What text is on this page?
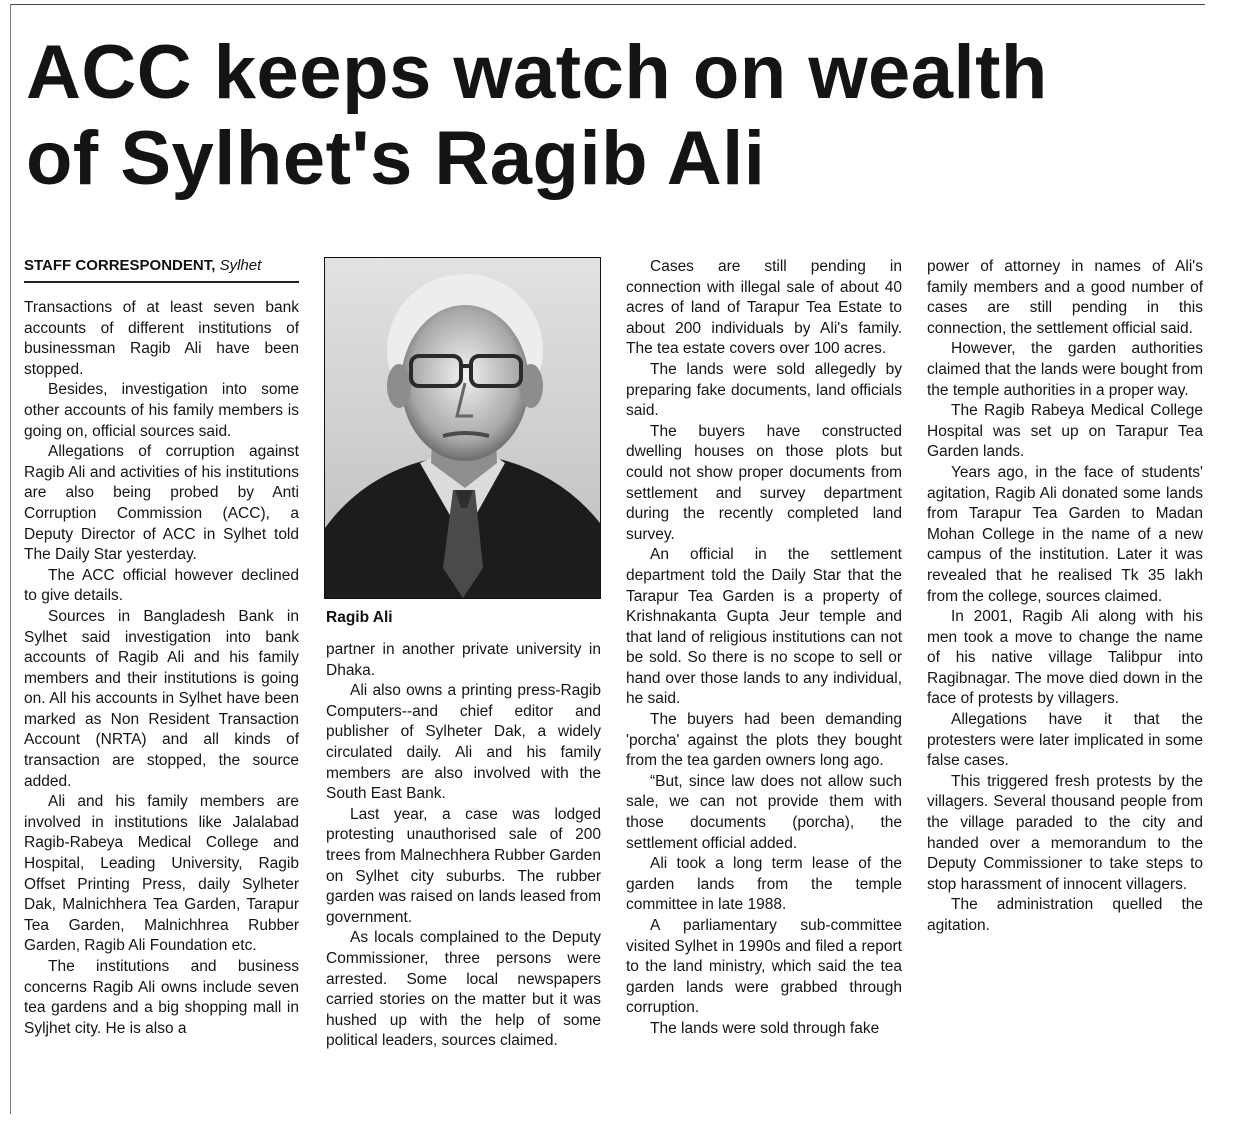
ACC keeps watch on wealth
of Sylhet's Ragib Ali
STAFF CORRESPONDENT, Sylhet
Ragib Ali

Transactions of at least seven bank accounts of different institutions of businessman Ragib Ali have been stopped.

Besides, investigation into some other accounts of his family members is going on, official sources said.

Allegations of corruption against Ragib Ali and activities of his institutions are also being probed by Anti Corruption Commission (ACC), a Deputy Director of ACC in Sylhet told The Daily Star yesterday.

The ACC official however declined to give details.

Sources in Bangladesh Bank in Sylhet said investigation into bank accounts of Ragib Ali and his family members and their institutions is going on. All his accounts in Sylhet have been marked as Non Resident Transaction Account (NRTA) and all kinds of transaction are stopped, the source added.

Ali and his family members are involved in institutions like Jalalabad Ragib-Rabeya Medical College and Hospital, Leading University, Ragib Offset Printing Press, daily Sylheter Dak, Malnichhera Tea Garden, Tarapur Tea Garden, Malnichhrea Rubber Garden, Ragib Ali Foundation etc.

The institutions and business concerns Ragib Ali owns include seven tea gardens and a big shopping mall in Syljhet city. He is also a

partner in another private university in Dhaka.

Ali also owns a printing press-Ragib Computers--and chief editor and publisher of Sylheter Dak, a widely circulated daily. Ali and his family members are also involved with the South East Bank.

Last year, a case was lodged protesting unauthorised sale of 200 trees from Malnechhera Rubber Garden on Sylhet city suburbs. The rubber garden was raised on lands leased from government.

As locals complained to the Deputy Commissioner, three persons were arrested. Some local newspapers carried stories on the matter but it was hushed up with the help of some political leaders, sources claimed.

Cases are still pending in connection with illegal sale of about 40 acres of land of Tarapur Tea Estate to about 200 individuals by Ali's family. The tea estate covers over 100 acres.

The lands were sold allegedly by preparing fake documents, land officials said.

The buyers have constructed dwelling houses on those plots but could not show proper documents from settlement and survey department during the recently completed land survey.

An official in the settlement department told the Daily Star that the Tarapur Tea Garden is a property of Krishnakanta Gupta Jeur temple and that land of religious institutions can not be sold. So there is no scope to sell or hand over those lands to any individual, he said.

The buyers had been demanding 'porcha' against the plots they bought from the tea garden owners long ago.

“But, since law does not allow such sale, we can not provide them with those documents (porcha), the settlement official added.

Ali took a long term lease of the garden lands from the temple committee in late 1988.

A parliamentary sub-committee visited Sylhet in 1990s and filed a report to the land ministry, which said the tea garden lands were grabbed through corruption.

The lands were sold through fake

power of attorney in names of Ali's family members and a good number of cases are still pending in this connection, the settlement official said.

However, the garden authorities claimed that the lands were bought from the temple authorities in a proper way.

The Ragib Rabeya Medical College Hospital was set up on Tarapur Tea Garden lands.

Years ago, in the face of students' agitation, Ragib Ali donated some lands from Tarapur Tea Garden to Madan Mohan College in the name of a new campus of the institution. Later it was revealed that he realised Tk 35 lakh from the college, sources claimed.

In 2001, Ragib Ali along with his men took a move to change the name of his native village Talibpur into Ragibnagar. The move died down in the face of protests by villagers.

Allegations have it that the protesters were later implicated in some false cases.

This triggered fresh protests by the villagers. Several thousand people from the village paraded to the city and handed over a memorandum to the Deputy Commissioner to take steps to stop harassment of innocent villagers.

The administration quelled the agitation.
